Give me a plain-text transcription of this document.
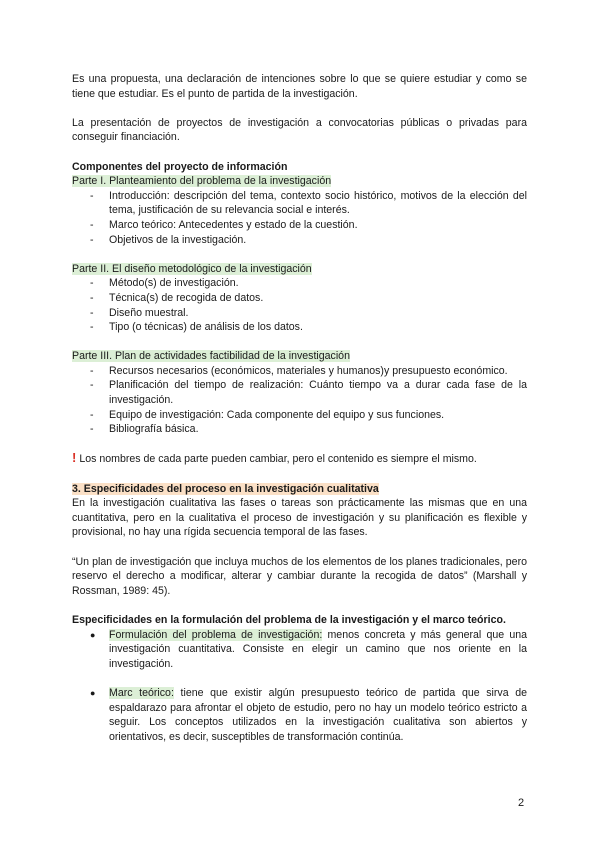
Es una propuesta, una declaración de intenciones sobre lo que se quiere estudiar y como se tiene que estudiar. Es el punto de partida de la investigación.

La presentación de proyectos de investigación a convocatorias públicas o privadas para conseguir financiación.

Componentes del proyecto de información

Parte I. Planteamiento del problema de la investigación

- Introducción: descripción del tema, contexto socio histórico, motivos de la elección del tema, justificación de su relevancia social e interés.
- Marco teórico: Antecedentes y estado de la cuestión.
- Objetivos de la investigación.

Parte II. El diseño metodológico de la investigación

- Método(s) de investigación.
- Técnica(s) de recogida de datos.
- Diseño muestral.
- Tipo (o técnicas) de análisis de los datos.

Parte III. Plan de actividades factibilidad de la investigación

- Recursos necesarios (económicos, materiales y humanos)y presupuesto económico.
- Planificación del tiempo de realización: Cuánto tiempo va a durar cada fase de la investigación.
- Equipo de investigación: Cada componente del equipo y sus funciones.
- Bibliografía básica.

! Los nombres de cada parte pueden cambiar, pero el contenido es siempre el mismo.

3. Especificidades del proceso en la investigación cualitativa

En la investigación cualitativa las fases o tareas son prácticamente las mismas que en una cuantitativa, pero en la cualitativa el proceso de investigación y su planificación es flexible y provisional, no hay una rígida secuencia temporal de las fases.

“Un plan de investigación que incluya muchos de los elementos de los planes tradicionales, pero reservo el derecho a modificar, alterar y cambiar durante la recogida de datos” (Marshall y Rossman, 1989: 45).

Especificidades en la formulación del problema de la investigación y el marco teórico.

● Formulación del problema de investigación: menos concreta y más general que una investigación cuantitativa. Consiste en elegir un camino que nos oriente en la investigación.
● Marc teórico: tiene que existir algún presupuesto teórico de partida que sirva de espaldarazo para afrontar el objeto de estudio, pero no hay un modelo teórico estricto a seguir. Los conceptos utilizados en la investigación cualitativa son abiertos y orientativos, es decir, susceptibles de transformación continúa.
2
